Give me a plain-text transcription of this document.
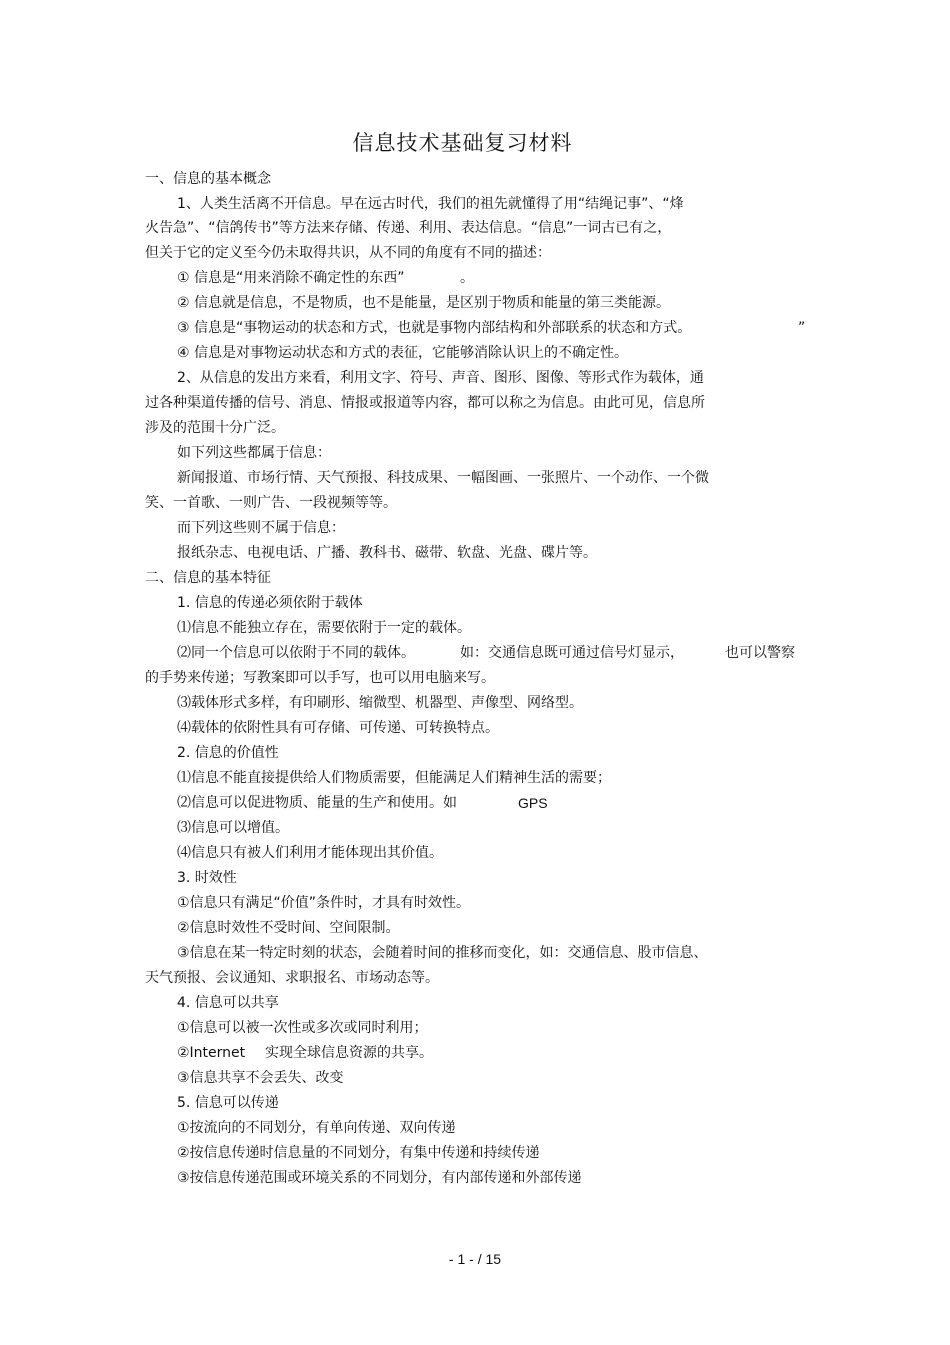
信息技术基础复习材料
一、信息的基本概念
1、人类生活离不开信息。早在远古时代，我们的祖先就懂得了用“结绳记事”、“烽
火告急”、“信鸽传书”等方法来存储、传递、利用、表达信息。“信息”一词古已有之，
但关于它的定义至今仍未取得共识，从不同的角度有不同的描述：
① 信息是“用来消除不确定性的东西”	。
② 信息就是信息，不是物质，也不是能量，是区别于物质和能量的第三类能源。
③ 信息是“事物运动的状态和方式，也就是事物内部结构和外部联系的状态和方式。	”
④ 信息是对事物运动状态和方式的表征，它能够消除认识上的不确定性。
2、从信息的发出方来看，利用文字、符号、声音、图形、图像、等形式作为载体，通
过各种渠道传播的信号、消息、情报或报道等内容，都可以称之为信息。由此可见，信息所
涉及的范围十分广泛。
如下列这些都属于信息：
新闻报道、市场行情、天气预报、科技成果、一幅图画、一张照片、一个动作、一个微
笑、一首歌、一则广告、一段视频等等。
而下列这些则不属于信息：
报纸杂志、电视电话、广播、教科书、磁带、软盘、光盘、碟片等。
二、信息的基本特征
1. 信息的传递必须依附于载体
⑴信息不能独立存在，需要依附于一定的载体。
⑵同一个信息可以依附于不同的载体。	如：交通信息既可通过信号灯显示，	也可以警察
的手势来传递；写教案即可以手写，也可以用电脑来写。
⑶载体形式多样，有印刷形、缩微型、机器型、声像型、网络型。
⑷载体的依附性具有可存储、可传递、可转换特点。
2. 信息的价值性
⑴信息不能直接提供给人们物质需要，但能满足人们精神生活的需要；
⑵信息可以促进物质、能量的生产和使用。如	GPS
⑶信息可以增值。
⑷信息只有被人们利用才能体现出其价值。
3. 时效性
①信息只有满足“价值”条件时，才具有时效性。
②信息时效性不受时间、空间限制。
③信息在某一特定时刻的状态，会随着时间的推移而变化，如：交通信息、股市信息、
天气预报、会议通知、求职报名、市场动态等。
4. 信息可以共享
①信息可以被一次性或多次或同时利用；
②Internet 实现全球信息资源的共享。
③信息共享不会丢失、改变
5. 信息可以传递
①按流向的不同划分，有单向传递、双向传递
②按信息传递时信息量的不同划分，有集中传递和持续传递
③按信息传递范围或环境关系的不同划分，有内部传递和外部传递
- 1 - / 15
